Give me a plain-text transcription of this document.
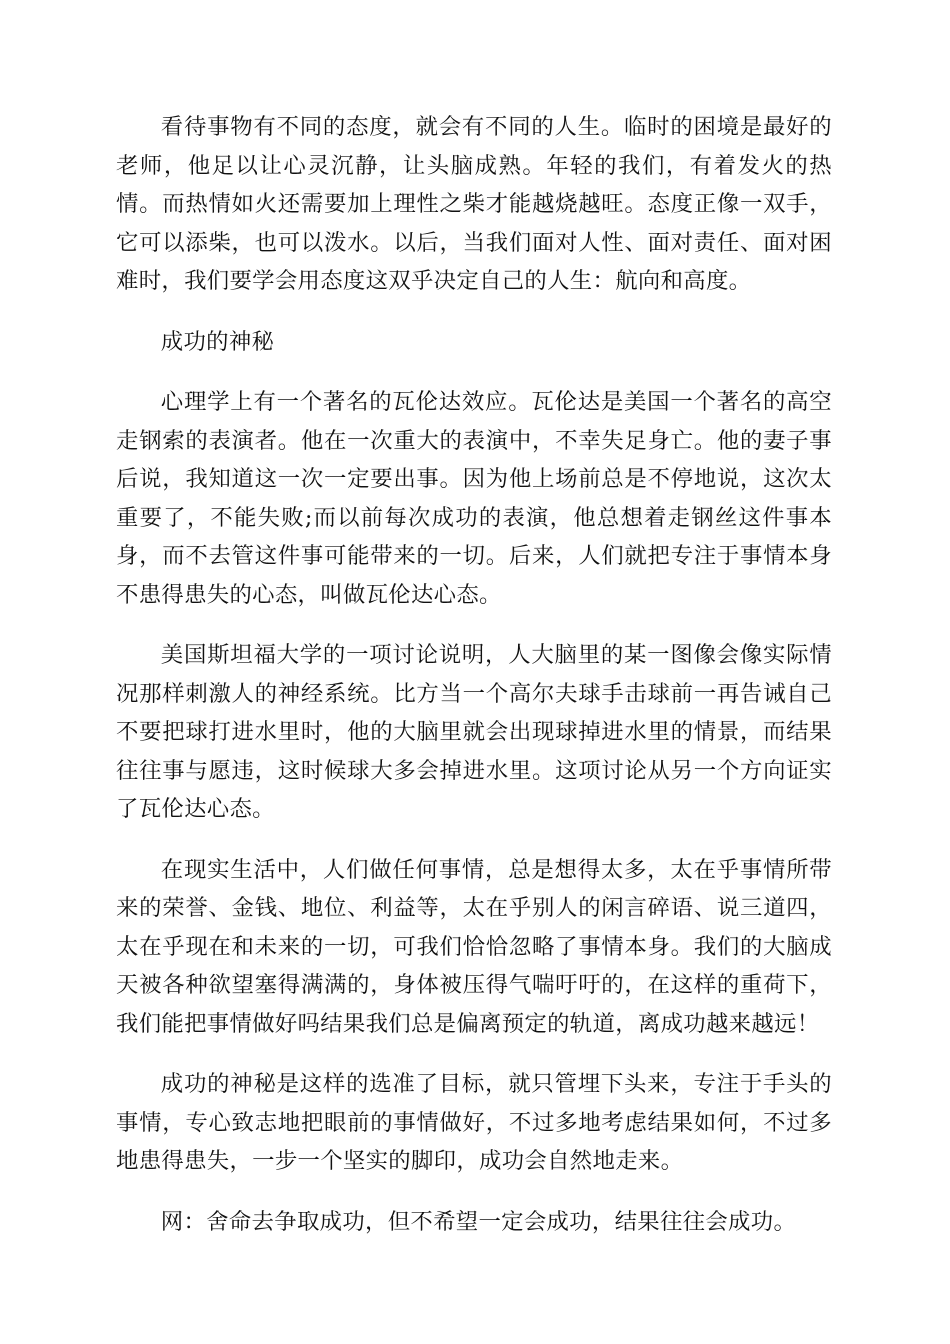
看待事物有不同的态度，就会有不同的人生。临时的困境是最好的老师，他足以让心灵沉静，让头脑成熟。年轻的我们，有着发火的热情。而热情如火还需要加上理性之柴才能越烧越旺。态度正像一双手，它可以添柴，也可以泼水。以后，当我们面对人性、面对责任、面对困难时，我们要学会用态度这双乎决定自己的人生：航向和高度。

成功的神秘

心理学上有一个著名的瓦伦达效应。瓦伦达是美国一个著名的高空走钢索的表演者。他在一次重大的表演中，不幸失足身亡。他的妻子事后说，我知道这一次一定要出事。因为他上场前总是不停地说，这次太重要了，不能失败;而以前每次成功的表演，他总想着走钢丝这件事本身，而不去管这件事可能带来的一切。后来，人们就把专注于事情本身不患得患失的心态，叫做瓦伦达心态。

美国斯坦福大学的一项讨论说明，人大脑里的某一图像会像实际情况那样刺激人的神经系统。比方当一个高尔夫球手击球前一再告诫自己不要把球打进水里时，他的大脑里就会出现球掉进水里的情景，而结果往往事与愿违，这时候球大多会掉进水里。这项讨论从另一个方向证实了瓦伦达心态。

在现实生活中，人们做任何事情，总是想得太多，太在乎事情所带来的荣誉、金钱、地位、利益等，太在乎别人的闲言碎语、说三道四，太在乎现在和未来的一切，可我们恰恰忽略了事情本身。我们的大脑成天被各种欲望塞得满满的，身体被压得气喘吁吁的，在这样的重荷下，我们能把事情做好吗结果我们总是偏离预定的轨道，离成功越来越远！

成功的神秘是这样的选准了目标，就只管埋下头来，专注于手头的事情，专心致志地把眼前的事情做好，不过多地考虑结果如何，不过多地患得患失，一步一个坚实的脚印，成功会自然地走来。

网：舍命去争取成功，但不希望一定会成功，结果往往会成功。
